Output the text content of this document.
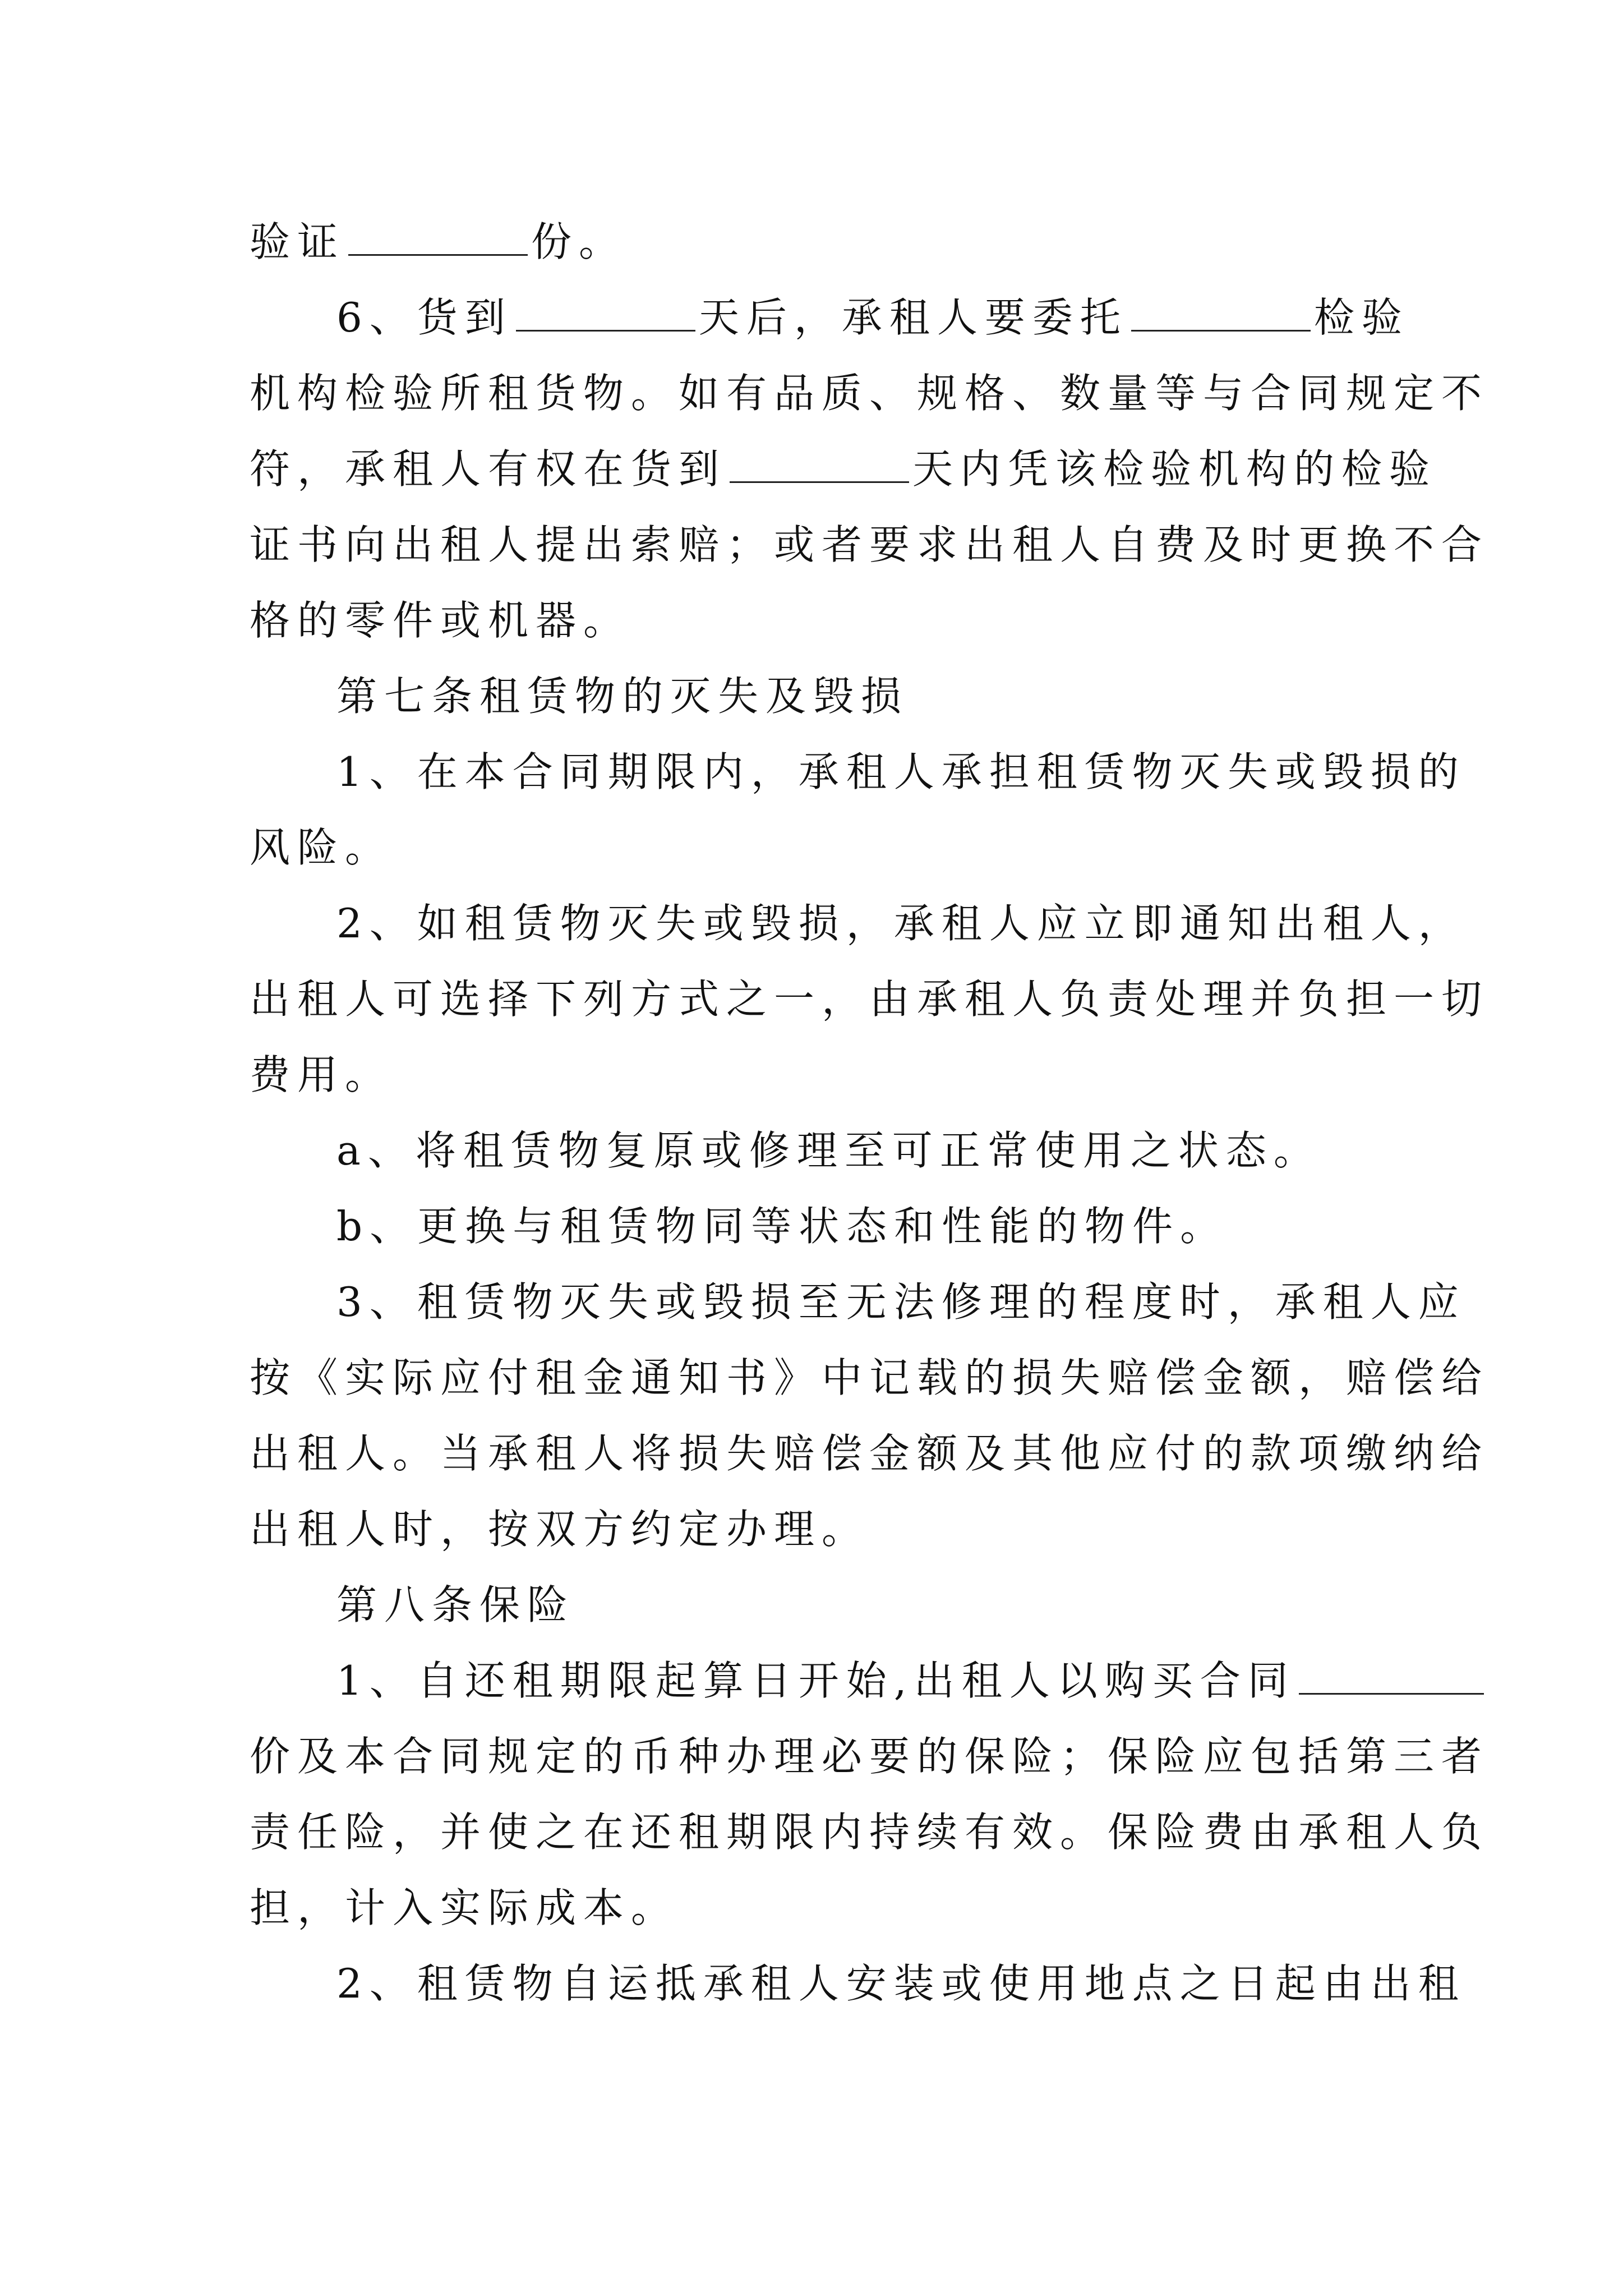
验证	份。
6、货到	天后，承租人要委托	检验
机构检验所租货物。如有品质、规格、数量等与合同规定不
符，承租人有权在货到	天内凭该检验机构的检验
证书向出租人提出索赔；或者要求出租人自费及时更换不合
格的零件或机器。
第七条租赁物的灭失及毁损
1、在本合同期限内，承租人承担租赁物灭失或毁损的
风险。
2、如租赁物灭失或毁损，承租人应立即通知出租人，
出租人可选择下列方式之一，由承租人负责处理并负担一切
费用。
a、将租赁物复原或修理至可正常使用之状态。
b、更换与租赁物同等状态和性能的物件。
3、租赁物灭失或毁损至无法修理的程度时，承租人应
按《实际应付租金通知书》中记载的损失赔偿金额，赔偿给
出租人。当承租人将损失赔偿金额及其他应付的款项缴纳给
出租人时，按双方约定办理。
第八条保险
1、自还租期限起算日开始,出租人以购买合同
价及本合同规定的币种办理必要的保险；保险应包括第三者
责任险，并使之在还租期限内持续有效。保险费由承租人负
担，计入实际成本。
2、租赁物自运抵承租人安装或使用地点之日起由出租
